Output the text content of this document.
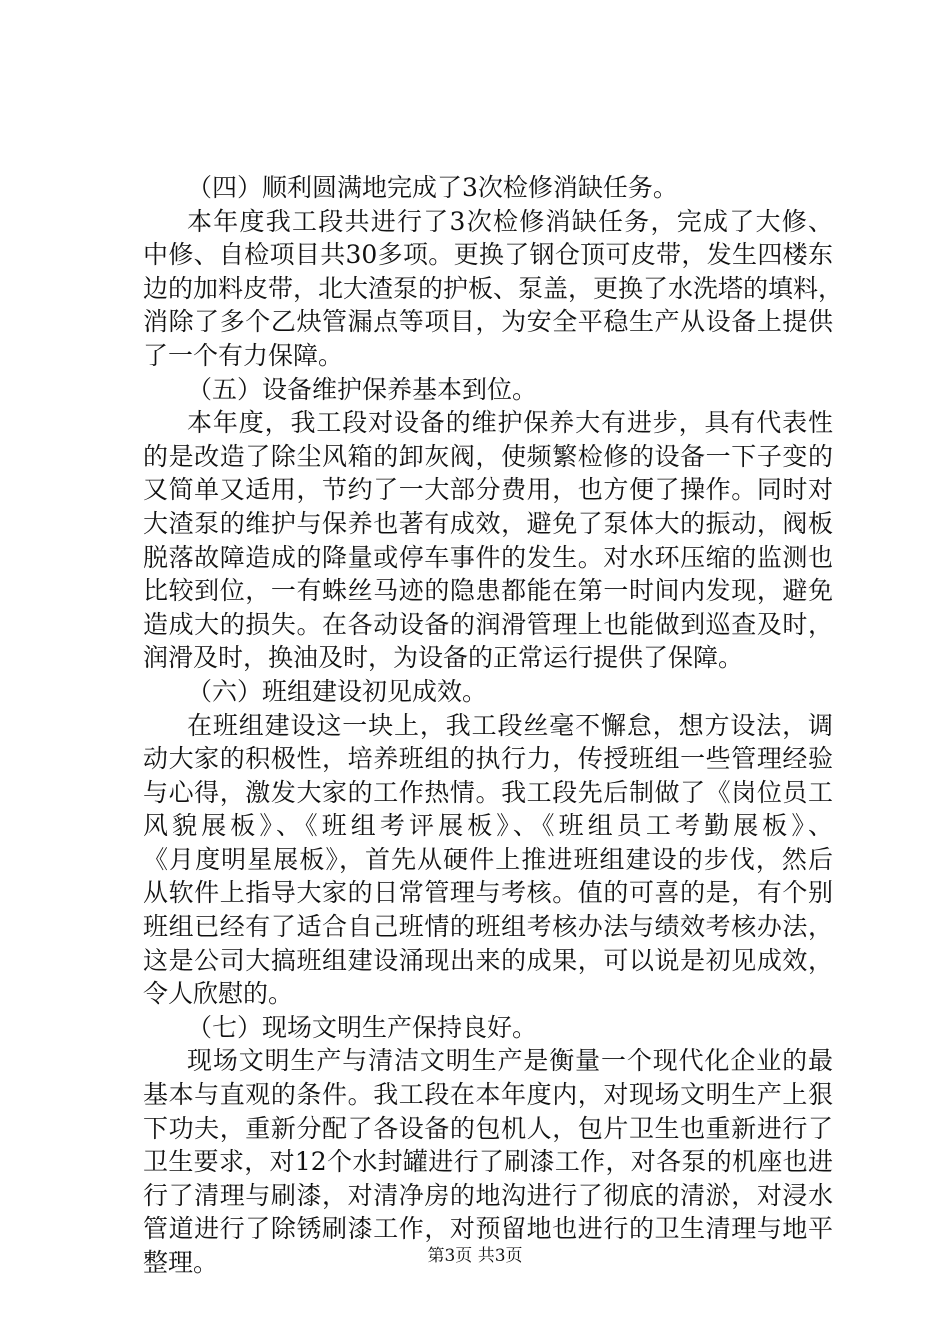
（四）顺利圆满地完成了3次检修消缺任务。
本年度我工段共进行了3次检修消缺任务，完成了大修、
中修、自检项目共30多项。更换了钢仓顶可皮带，发生四楼东
边的加料皮带，北大渣泵的护板、泵盖，更换了水洗塔的填料，
消除了多个乙炔管漏点等项目，为安全平稳生产从设备上提供
了一个有力保障。
（五）设备维护保养基本到位。
本年度，我工段对设备的维护保养大有进步，具有代表性
的是改造了除尘风箱的卸灰阀，使频繁检修的设备一下子变的
又简单又适用，节约了一大部分费用，也方便了操作。同时对
大渣泵的维护与保养也著有成效，避免了泵体大的振动，阀板
脱落故障造成的降量或停车事件的发生。对水环压缩的监测也
比较到位，一有蛛丝马迹的隐患都能在第一时间内发现，避免
造成大的损失。在各动设备的润滑管理上也能做到巡查及时，
润滑及时，换油及时，为设备的正常运行提供了保障。
（六）班组建设初见成效。
在班组建设这一块上，我工段丝毫不懈怠，想方设法，调
动大家的积极性，培养班组的执行力，传授班组一些管理经验
与心得，激发大家的工作热情。我工段先后制做了《岗位员工
风貌展板》、《班组考评展板》、《班组员工考勤展板》、
《月度明星展板》，首先从硬件上推进班组建设的步伐，然后
从软件上指导大家的日常管理与考核。值的可喜的是，有个别
班组已经有了适合自己班情的班组考核办法与绩效考核办法，
这是公司大搞班组建设涌现出来的成果，可以说是初见成效，
令人欣慰的。
（七）现场文明生产保持良好。
现场文明生产与清洁文明生产是衡量一个现代化企业的最
基本与直观的条件。我工段在本年度内，对现场文明生产上狠
下功夫，重新分配了各设备的包机人，包片卫生也重新进行了
卫生要求，对12个水封罐进行了刷漆工作，对各泵的机座也进
行了清理与刷漆，对清净房的地沟进行了彻底的清淤，对浸水
管道进行了除锈刷漆工作，对预留地也进行的卫生清理与地平
整理。	第3页 共3页
